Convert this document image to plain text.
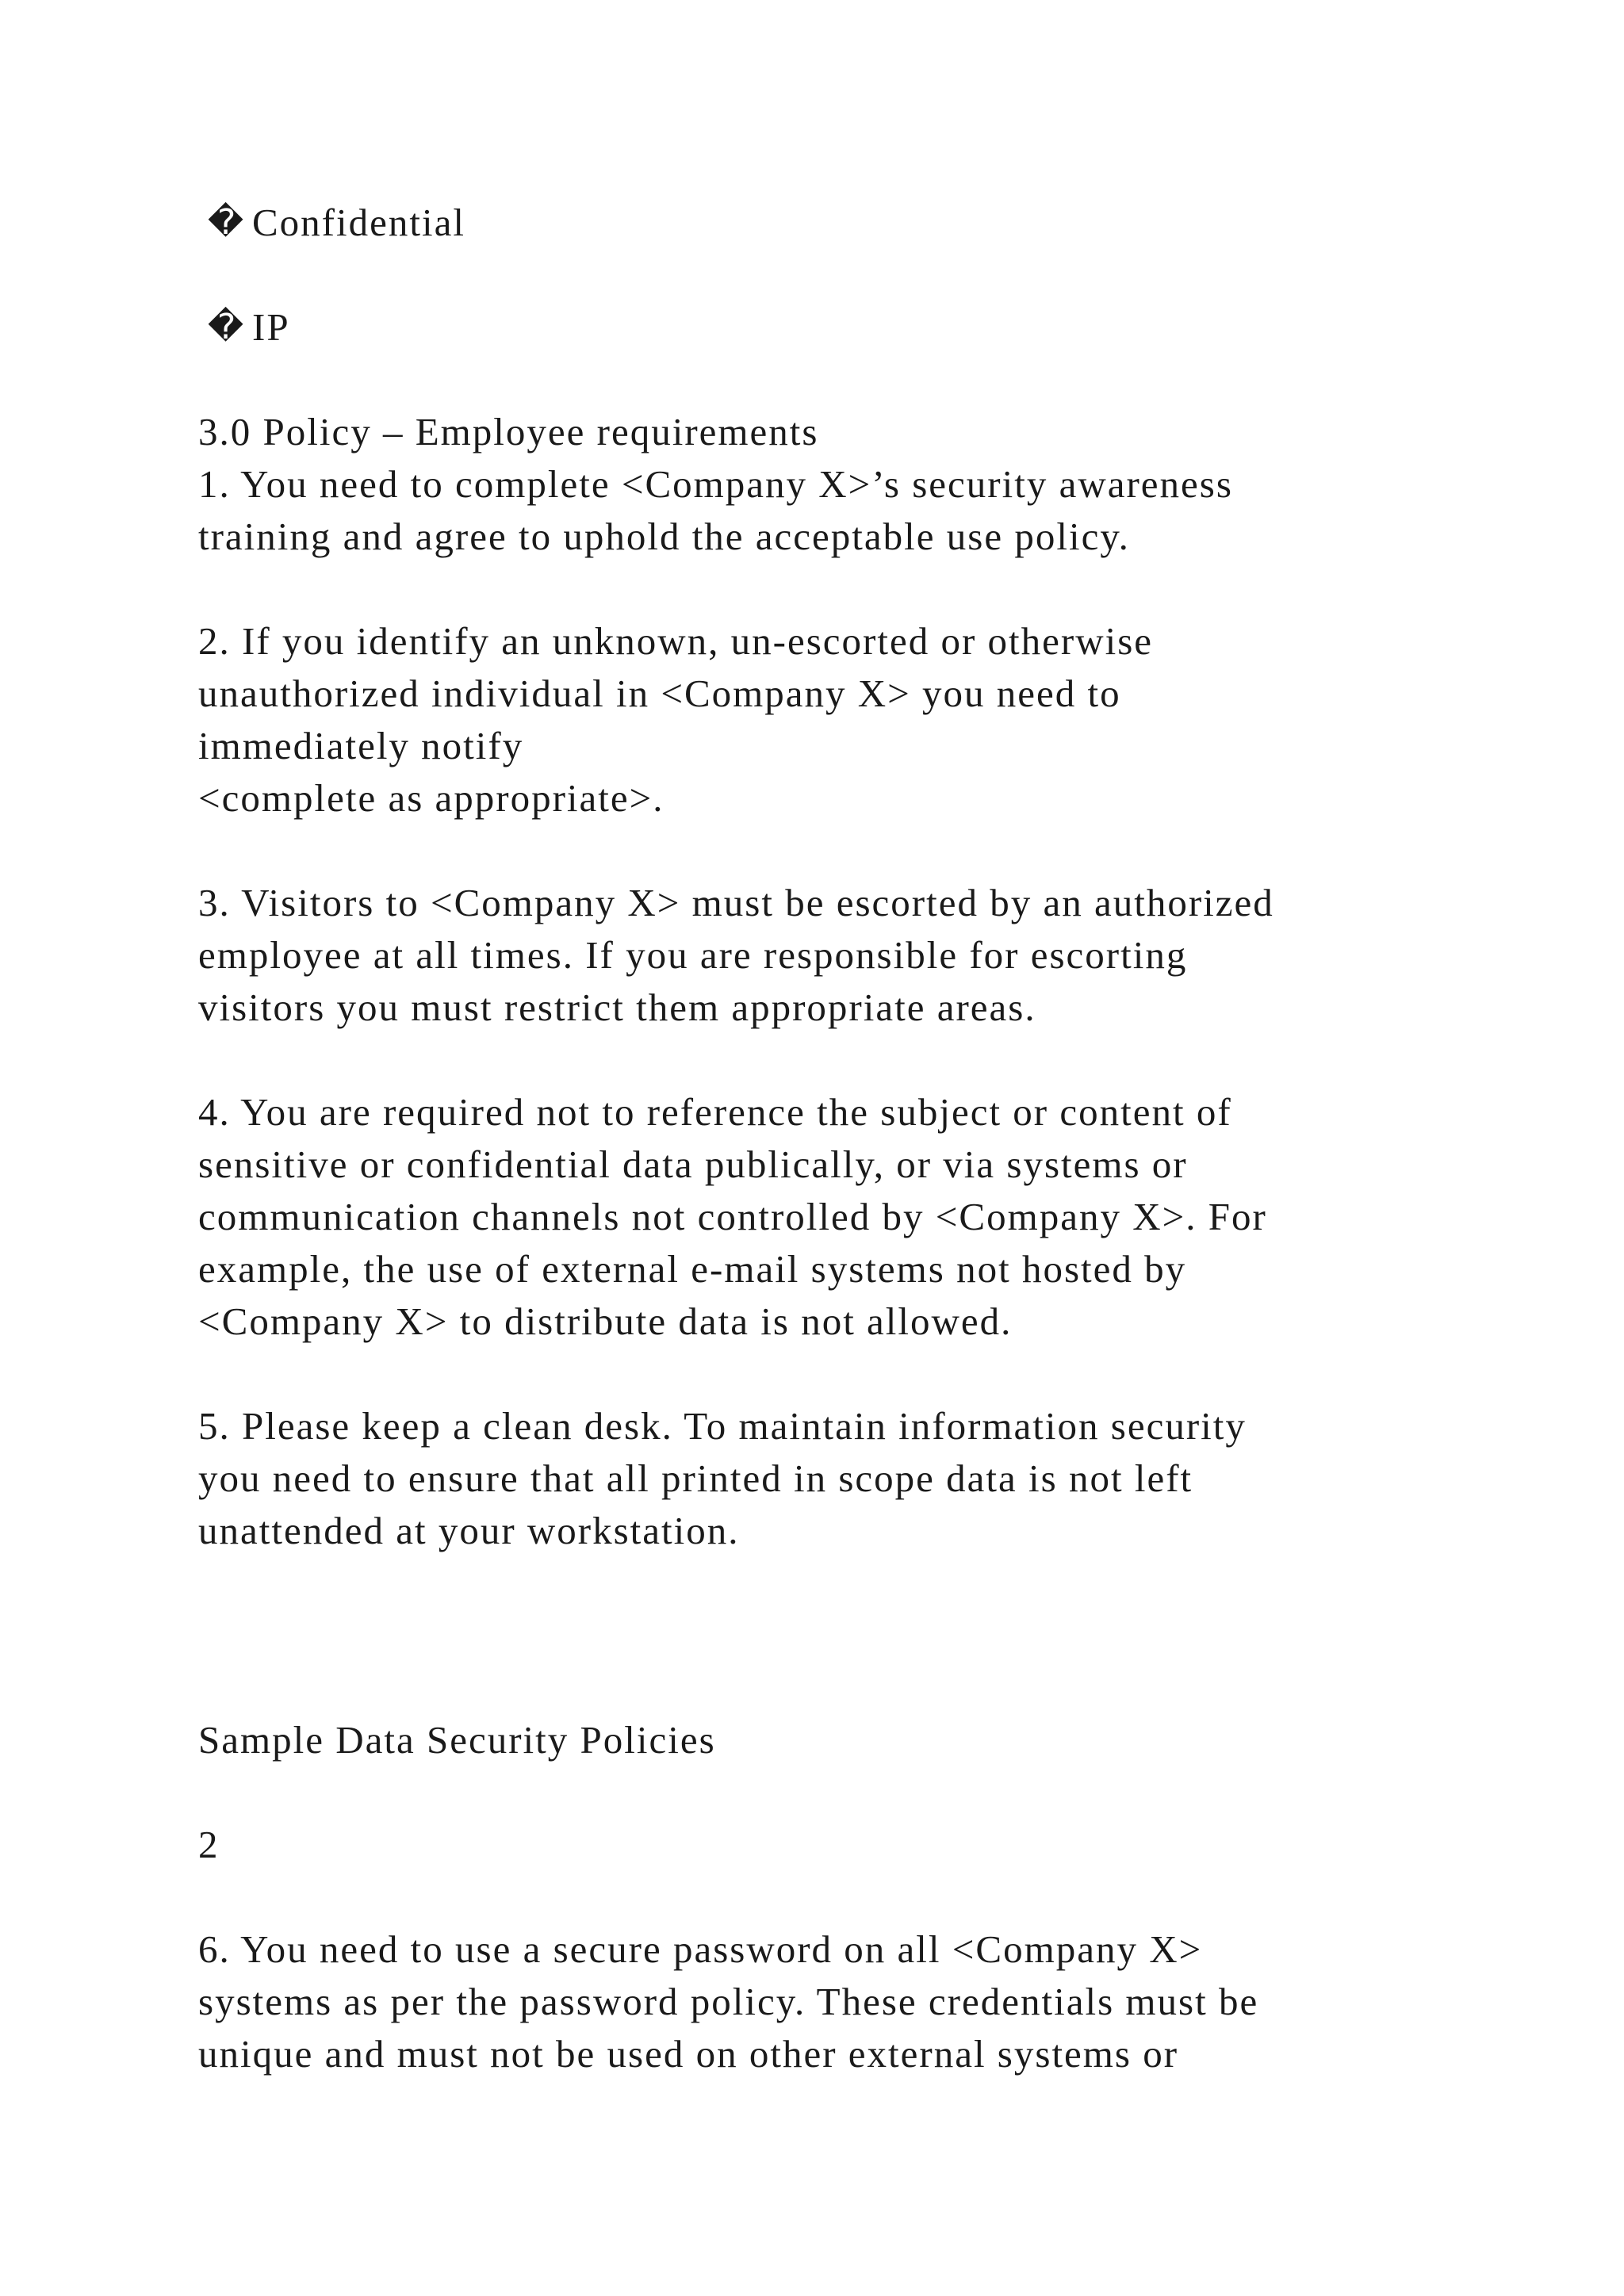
� Confidential
� IP

3.0 Policy – Employee requirements

1. You need to complete <Company X>’s security awareness

training and agree to uphold the acceptable use policy.

2. If you identify an unknown, un-escorted or otherwise

unauthorized individual in <Company X> you need to

immediately notify

<complete as appropriate>.

3. Visitors to <Company X> must be escorted by an authorized

employee at all times. If you are responsible for escorting

visitors you must restrict them appropriate areas.

4. You are required not to reference the subject or content of

sensitive or confidential data publically, or via systems or

communication channels not controlled by <Company X>. For

example, the use of external e-mail systems not hosted by

<Company X> to distribute data is not allowed.

5. Please keep a clean desk. To maintain information security

you need to ensure that all printed in scope data is not left

unattended at your workstation.

Sample Data Security Policies

2

6. You need to use a secure password on all <Company X>

systems as per the password policy. These credentials must be

unique and must not be used on other external systems or
